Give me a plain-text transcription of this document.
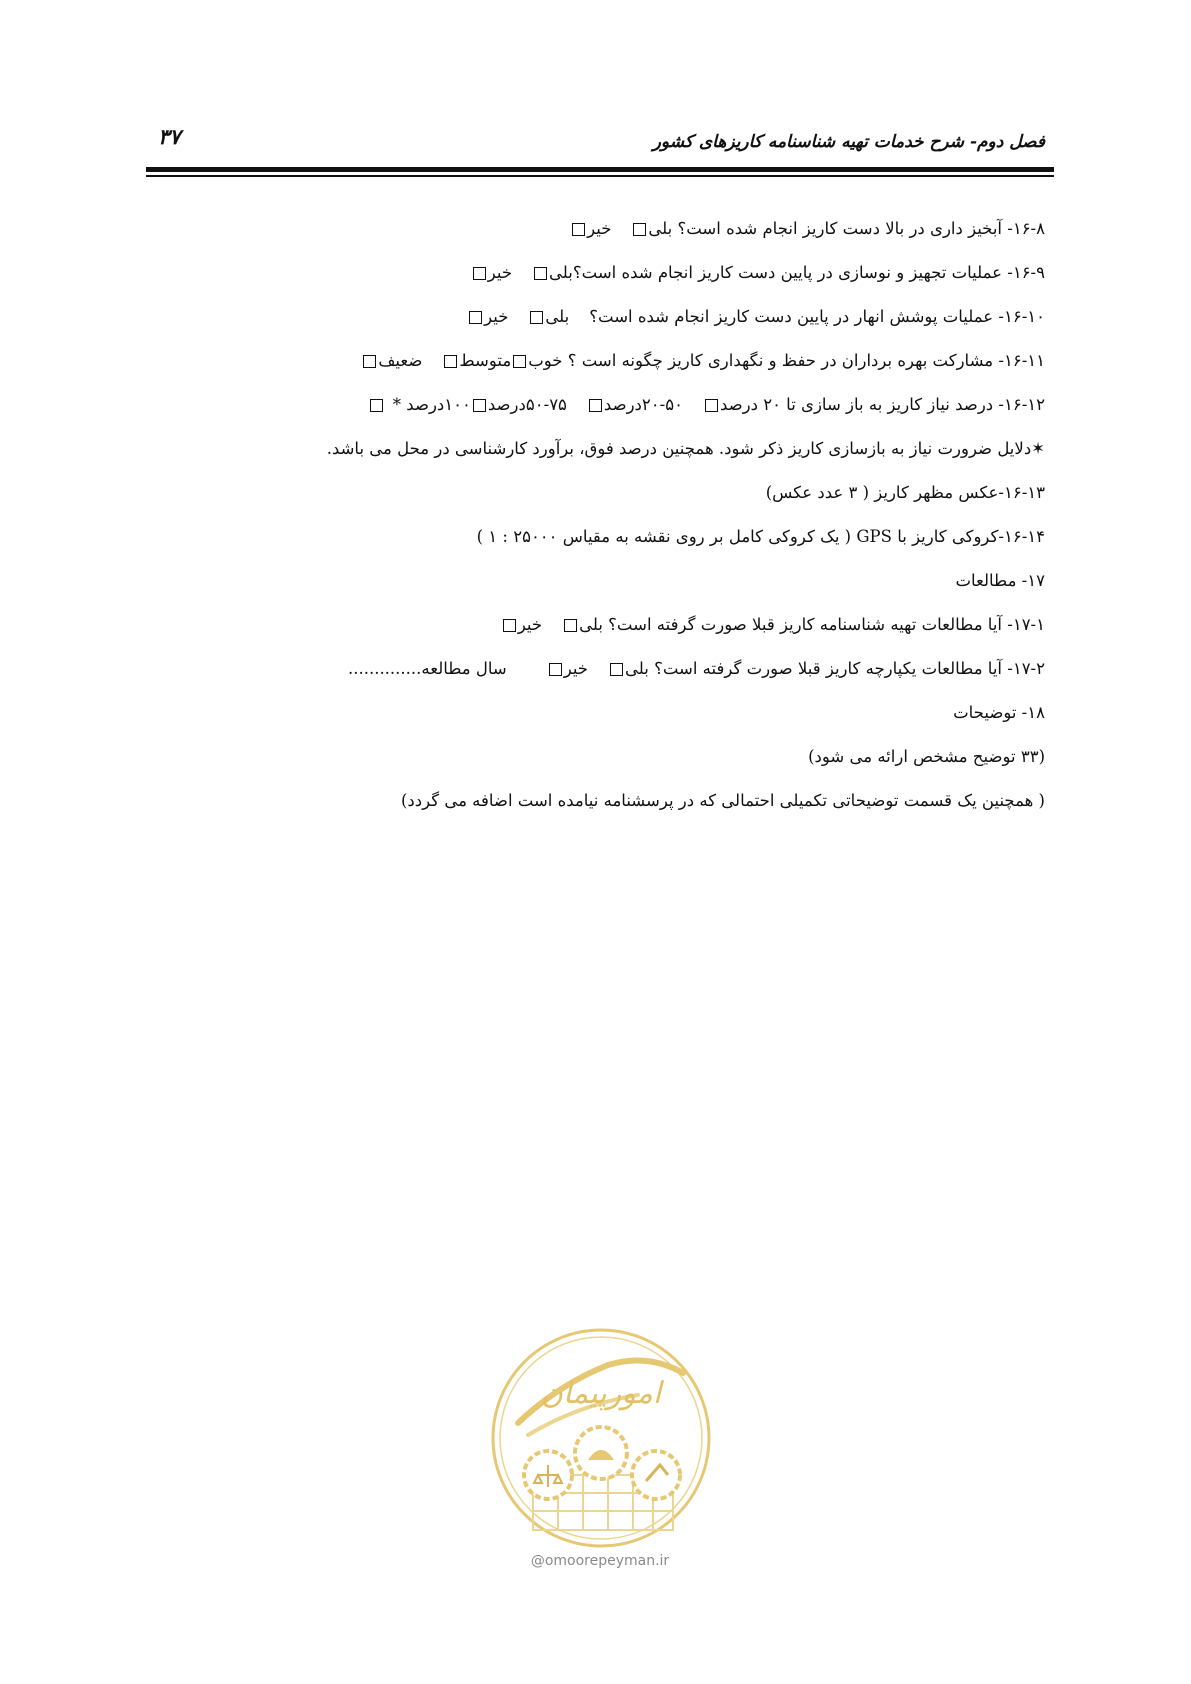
۳۷	فصل دوم- شرح خدمات تهیه شناسنامه کاریزهای کشور
۱۶-۸- آبخیز داری در بالا دست کاریز انجام شده است؟ بلیخیر
۱۶-۹- عملیات تجهیز و نوسازی در پایین دست کاریز انجام شده است؟بلیخیر
۱۶-۱۰- عملیات پوشش انهار در پایین دست کاریز انجام شده است؟بلیخیر
۱۶-۱۱- مشارکت بهره برداران در حفظ و نگهداری کاریز چگونه است ؟ خوبمتوسطضعیف
۱۶-۱۲- درصد نیاز کاریز به باز سازی تا ۲۰ درصد۵۰-۲۰درصد۷۵-۵۰درصد۱۰۰درصد *
✶دلایل ضرورت نیاز به بازسازی کاریز ذکر شود. همچنین درصد فوق، برآورد کارشناسی در محل می باشد.
۱۶-۱۳-عکس مظهر کاریز ( ۳ عدد عکس)
۱۶-۱۴-کروکی کاریز با GPS ( یک کروکی کامل بر روی نقشه به مقیاس ۲۵۰۰۰ : ۱ )
۱۷- مطالعات
۱۷-۱- آیا مطالعات تهیه شناسنامه کاریز قبلا صورت گرفته است؟ بلیخیر
۱۷-۲- آیا مطالعات یکپارچه کاریز قبلا صورت گرفته است؟ بلیخیرسال مطالعه..............
۱۸- توضیحات
(۳۳ توضیح مشخص ارائه می شود)
( همچنین یک قسمت توضیحاتی تکمیلی احتمالی که در پرسشنامه نیامده است اضافه می گردد)
امورپیمان
@omoorepeyman.ir
